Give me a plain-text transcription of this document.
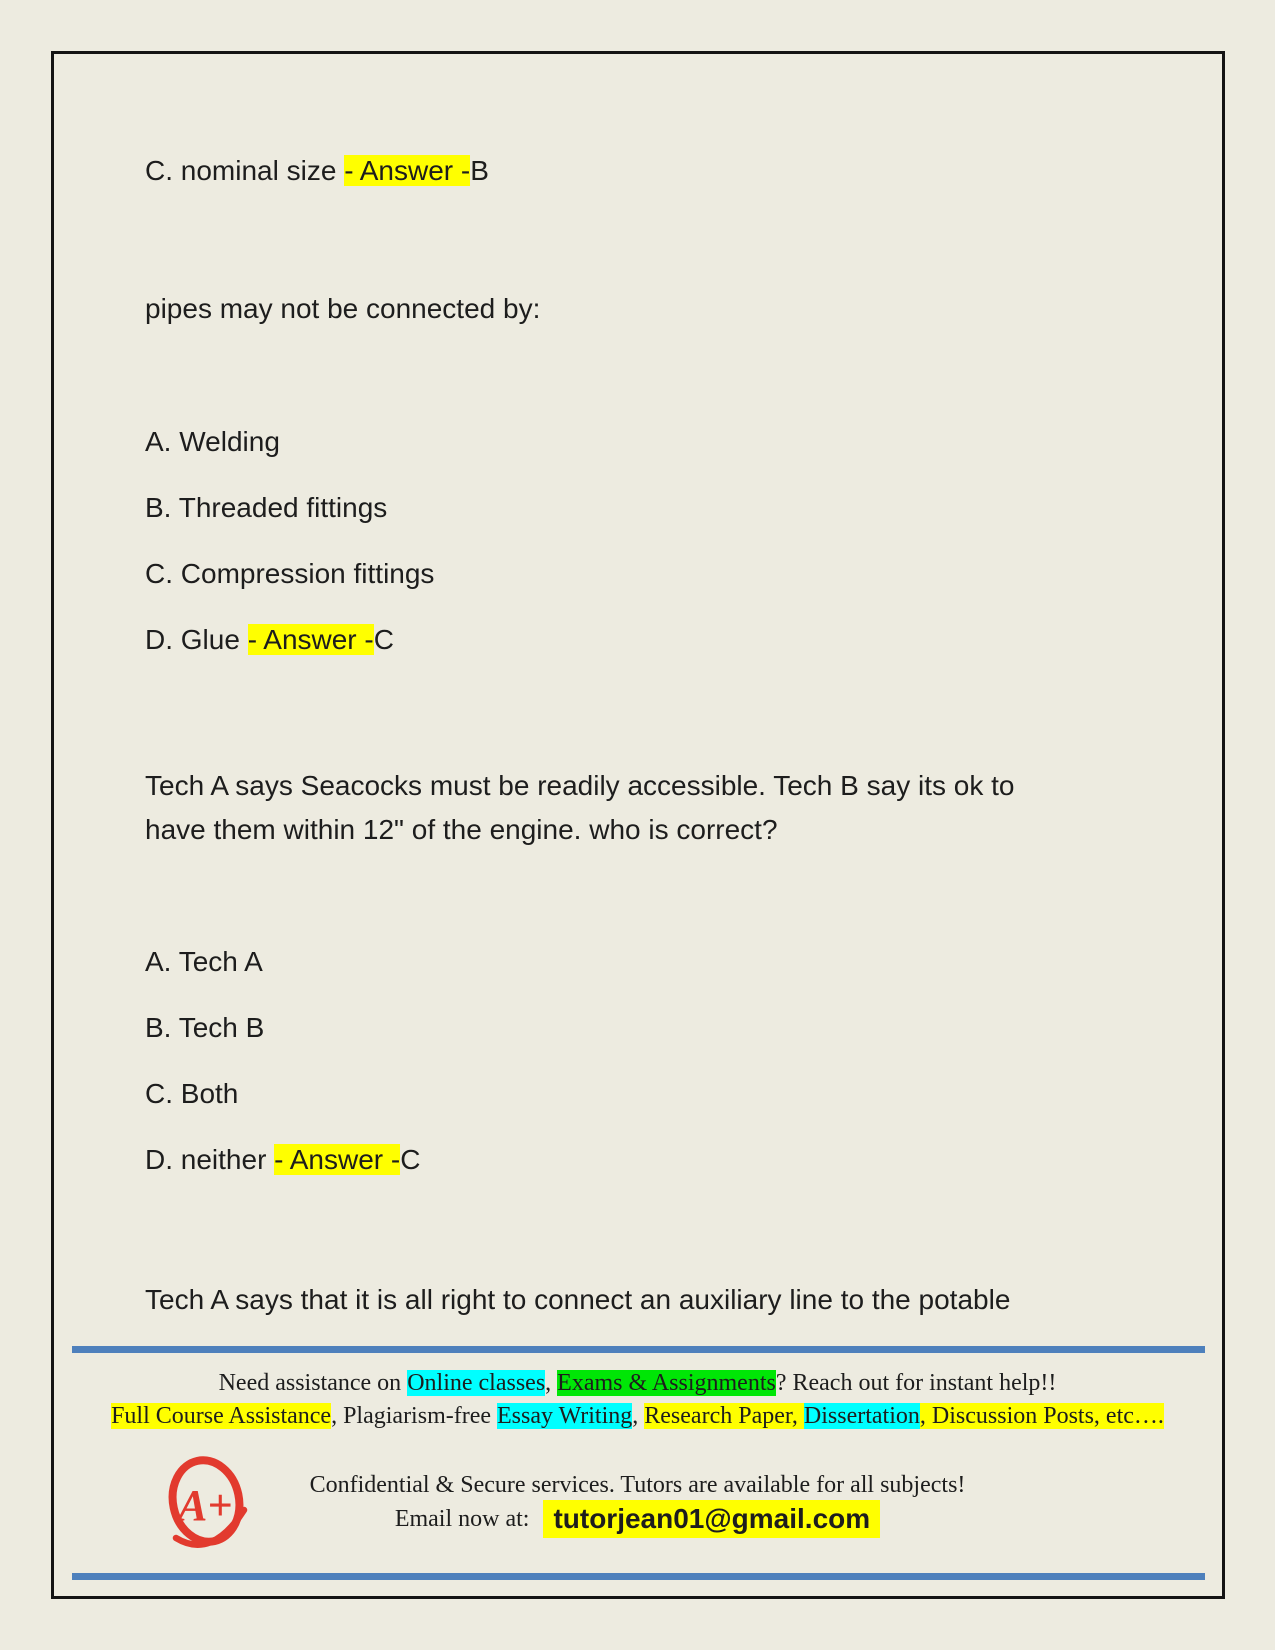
C. nominal size - Answer -B
pipes may not be connected by:
A. Welding
B. Threaded fittings
C. Compression fittings
D. Glue - Answer -C
Tech A says Seacocks must be readily accessible. Tech B say its ok to
have them within 12" of the engine. who is correct?
A. Tech A
B. Tech B
C. Both
D. neither - Answer -C
Tech A says that it is all right to connect an auxiliary line to the potable
Need assistance on Online classes, Exams & Assignments? Reach out for instant help!!
Full Course Assistance, Plagiarism-free Essay Writing, Research Paper, Dissertation, Discussion Posts, etc….
A+	Confidential & Secure services. Tutors are available for all subjects!
Email now at: tutorjean01@gmail.com
